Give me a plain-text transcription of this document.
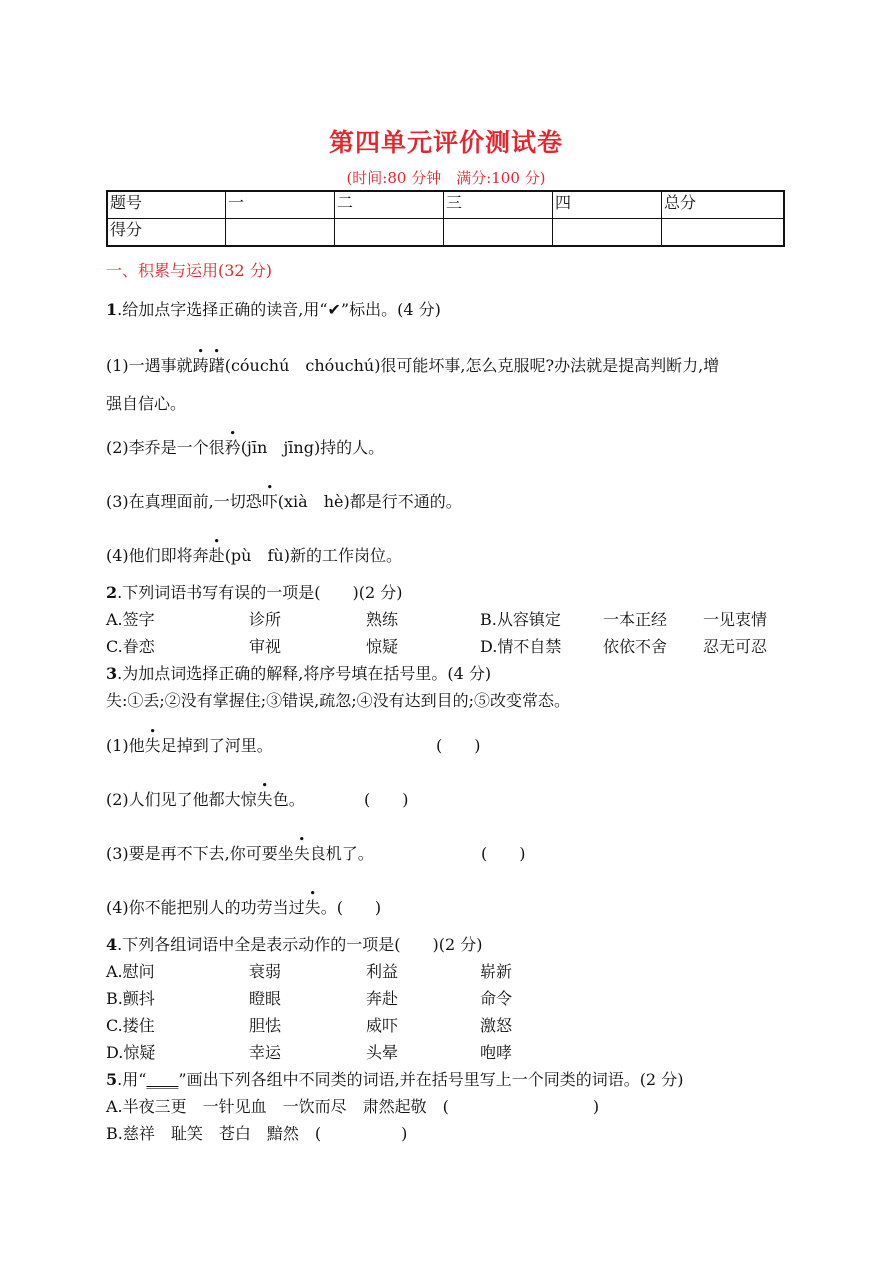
第四单元评价测试卷
(时间:80 分钟　满分:100 分)
题号	一	二	三	四	总分
得分					
一、积累与运用(32 分)
1.给加点字选择正确的读音,用“✔”标出。(4 分)
(1)一遇事就踌躇(cóuchú　chóuchú)很可能坏事,怎么克服呢?办法就是提高判断力,增
强自信心。
(2)李乔是一个很矜(jīn　jīng)持的人。
(3)在真理面前,一切恐吓(xià　hè)都是行不通的。
(4)他们即将奔赴(pù　fù)新的工作岗位。
2.下列词语书写有误的一项是(　　)(2 分)
A.签字	诊所	熟练	B.从容镇定	一本正经 一见衷情
C.眷恋	审视	惊疑	D.情不自禁	依依不舍 忍无可忍
3.为加点词选择正确的解释,将序号填在括号里。(4 分)
失:①丢;②没有掌握住;③错误,疏忽;④没有达到目的;⑤改变常态。
(1)他失足掉到了河里。	(　　)
(2)人们见了他都大惊失色。	(　　)
(3)要是再不下去,你可要坐失良机了。	(　　)
(4)你不能把别人的功劳当过失。(　　)
4.下列各组词语中全是表示动作的一项是(　　)(2 分)
A.慰问	衰弱	利益	崭新
B.颤抖	瞪眼	奔赴	命令
C.搂住	胆怯	威吓	激怒
D.惊疑	幸运	头晕	咆哮
5.用“____”画出下列各组中不同类的词语,并在括号里写上一个同类的词语。(2 分)
A.半夜三更　一针见血　一饮而尽　肃然起敬　(　　　　　　　　　)
B.慈祥　耻笑　苍白　黯然　(　　　　　)
